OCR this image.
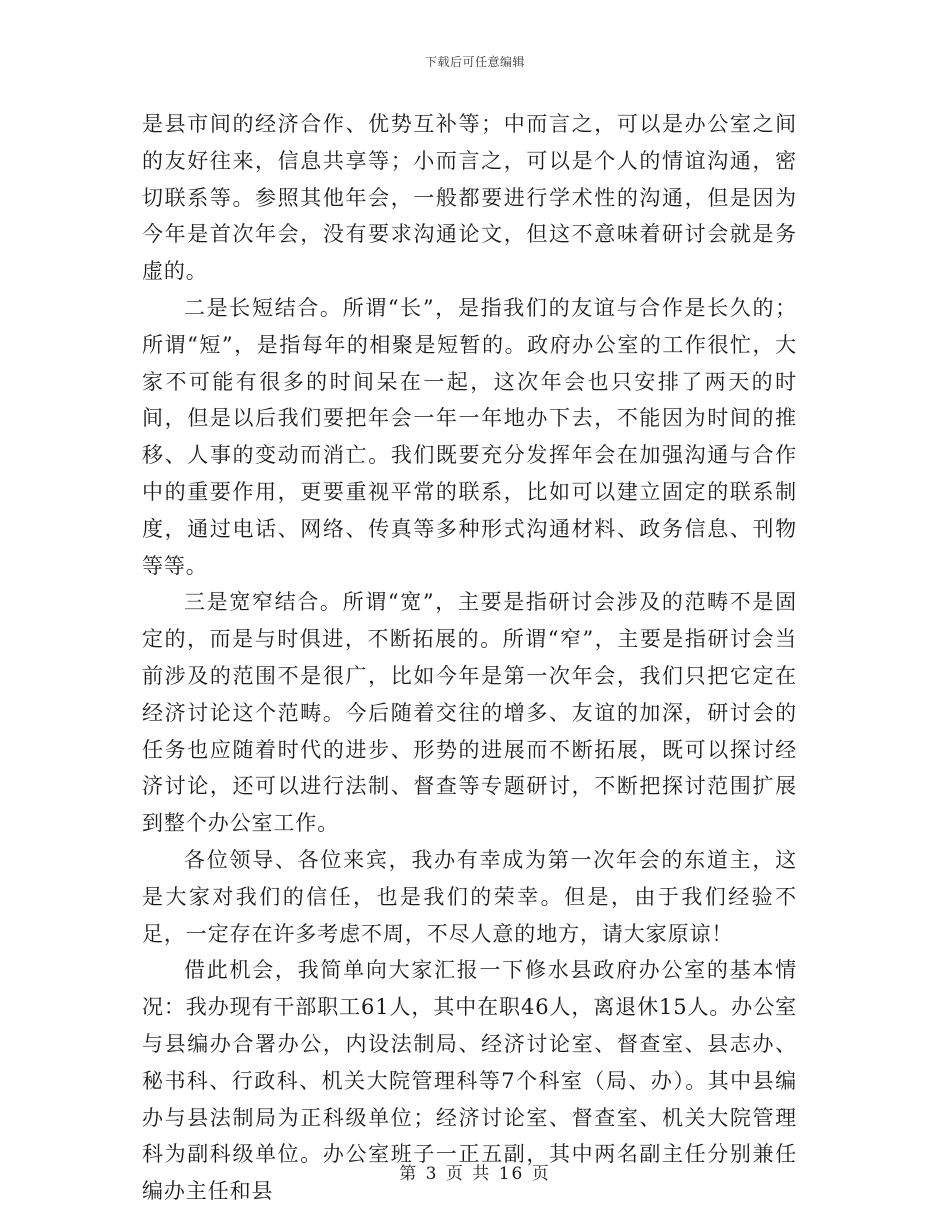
下载后可任意编辑

是县市间的经济合作、优势互补等；中而言之，可以是办公室之间的友好往来，信息共享等；小而言之，可以是个人的情谊沟通，密切联系等。参照其他年会，一般都要进行学术性的沟通，但是因为今年是首次年会，没有要求沟通论文，但这不意味着研讨会就是务虚的。

二是长短结合。所谓“长”，是指我们的友谊与合作是长久的；所谓“短”，是指每年的相聚是短暂的。政府办公室的工作很忙，大家不可能有很多的时间呆在一起，这次年会也只安排了两天的时间，但是以后我们要把年会一年一年地办下去，不能因为时间的推移、人事的变动而消亡。我们既要充分发挥年会在加强沟通与合作中的重要作用，更要重视平常的联系，比如可以建立固定的联系制度，通过电话、网络、传真等多种形式沟通材料、政务信息、刊物等等。

三是宽窄结合。所谓“宽”，主要是指研讨会涉及的范畴不是固定的，而是与时俱进，不断拓展的。所谓“窄”，主要是指研讨会当前涉及的范围不是很广，比如今年是第一次年会，我们只把它定在经济讨论这个范畴。今后随着交往的增多、友谊的加深，研讨会的任务也应随着时代的进步、形势的进展而不断拓展，既可以探讨经济讨论，还可以进行法制、督查等专题研讨，不断把探讨范围扩展到整个办公室工作。

各位领导、各位来宾，我办有幸成为第一次年会的东道主，这是大家对我们的信任，也是我们的荣幸。但是，由于我们经验不足，一定存在许多考虑不周，不尽人意的地方，请大家原谅！

借此机会，我简单向大家汇报一下修水县政府办公室的基本情况：我办现有干部职工61人，其中在职46人，离退休15人。办公室与县编办合署办公，内设法制局、经济讨论室、督查室、县志办、秘书科、行政科、机关大院管理科等7个科室（局、办）。其中县编办与县法制局为正科级单位；经济讨论室、督查室、机关大院管理科为副科级单位。办公室班子一正五副，其中两名副主任分别兼任编办主任和县

第 3 页 共 16 页
